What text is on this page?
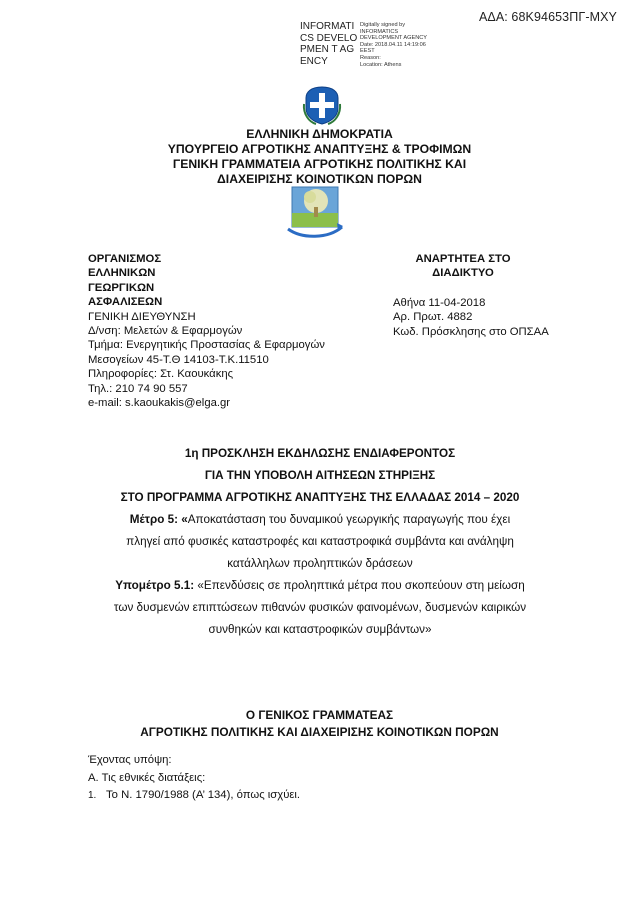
ΑΔΑ: 68Κ94653ΠΓ-ΜΧΥ
INFORMATICS DEVELOPMEN T AGENCY
Digitally signed by
INFORMATICS
DEVELOPMENT AGENCY
Date: 2018.04.11 14:19:06
EEST
Reason:
Location: Athens
ΕΛΛΗΝΙΚΗ ΔΗΜΟΚΡΑΤΙΑ
ΥΠΟΥΡΓΕΙΟ ΑΓΡΟΤΙΚΗΣ ΑΝΑΠΤΥΞΗΣ & ΤΡΟΦΙΜΩΝ
ΓΕΝΙΚΗ ΓΡΑΜΜΑΤΕΙΑ ΑΓΡΟΤΙΚΗΣ ΠΟΛΙΤΙΚΗΣ ΚΑΙ
ΔΙΑΧΕΙΡΙΣΗΣ ΚΟΙΝΟΤΙΚΩΝ ΠΟΡΩΝ
ΟΡΓΑΝΙΣΜΟΣ
ΕΛΛΗΝΙΚΩΝ
ΓΕΩΡΓΙΚΩΝ
ΑΣΦΑΛΙΣΕΩΝ
ΓΕΝΙΚΗ ΔΙΕΥΘΥΝΣΗ
Δ/νση: Μελετών & Εφαρμογών
Τμήμα: Ενεργητικής Προστασίας & Εφαρμογών
Μεσογείων 45-Τ.Θ 14103-Τ.Κ.11510
Πληροφορίες: Στ. Καουκάκης
Τηλ.: 210 74 90 557
e-mail: s.kaoukakis@elga.gr
ΑΝΑΡΤΗΤΕΑ ΣΤΟ
ΔΙΑΔΙΚΤΥΟ
Αθήνα 11-04-2018
Αρ. Πρωτ. 4882
Κωδ. Πρόσκλησης στο ΟΠΣΑΑ
1η ΠΡΟΣΚΛΗΣΗ ΕΚΔΗΛΩΣΗΣ ΕΝΔΙΑΦΕΡΟΝΤΟΣ
ΓΙΑ ΤΗΝ ΥΠΟΒΟΛΗ ΑΙΤΗΣΕΩΝ ΣΤΗΡΙΞΗΣ
ΣΤΟ ΠΡΟΓΡΑΜΜΑ ΑΓΡΟΤΙΚΗΣ ΑΝΑΠΤΥΞΗΣ ΤΗΣ ΕΛΛΑΔΑΣ 2014 – 2020
Μέτρο 5: «Αποκατάσταση του δυναμικού γεωργικής παραγωγής που έχει
πληγεί από φυσικές καταστροφές και καταστροφικά συμβάντα και ανάληψη
κατάλληλων προληπτικών δράσεων
Υπομέτρο 5.1: «Επενδύσεις σε προληπτικά μέτρα που σκοπεύουν στη μείωση
των δυσμενών επιπτώσεων πιθανών φυσικών φαινομένων, δυσμενών καιρικών
συνθηκών και καταστροφικών συμβάντων»
Ο ΓΕΝΙΚΟΣ ΓΡΑΜΜΑΤΕΑΣ
ΑΓΡΟΤΙΚΗΣ ΠΟΛΙΤΙΚΗΣ ΚΑΙ ΔΙΑΧΕΙΡΙΣΗΣ ΚΟΙΝΟΤΙΚΩΝ ΠΟΡΩΝ
Έχοντας υπόψη:
Α. Τις εθνικές διατάξεις:
1. Το Ν. 1790/1988 (Α’ 134), όπως ισχύει.
